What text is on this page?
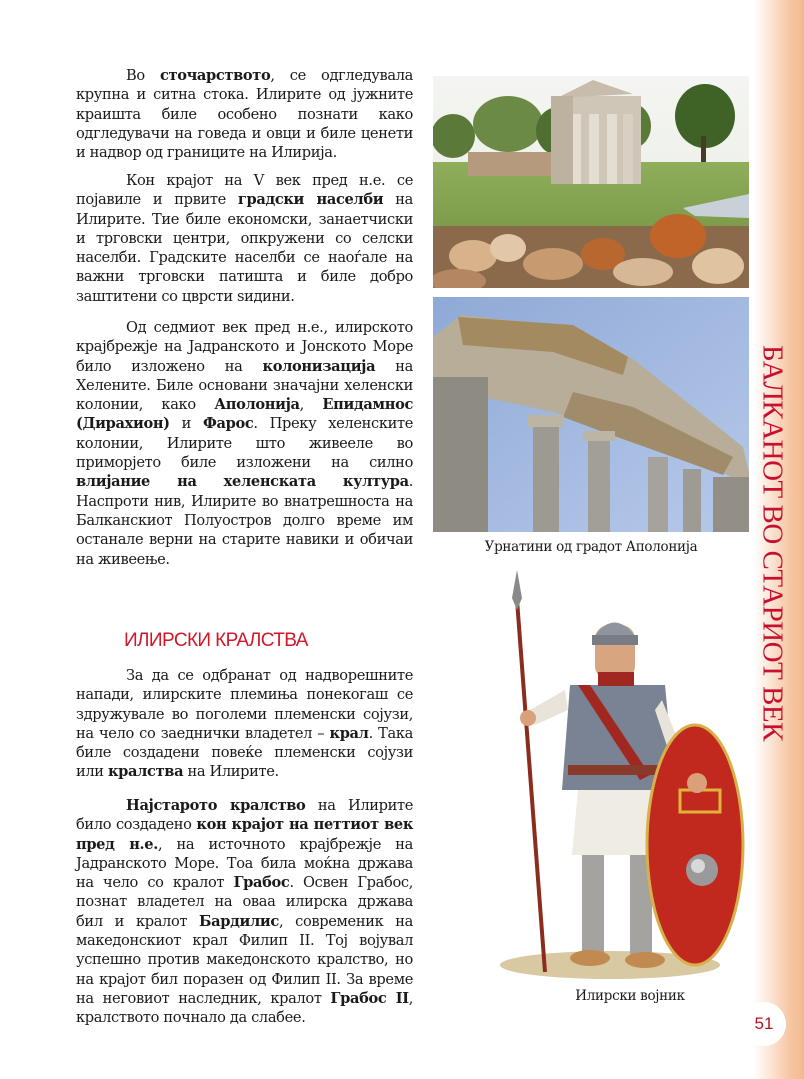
БАЛКАНОТ ВО СТАРИОТ ВЕК
51

Во сточарството, се одгледувала крупна и ситна стока. Илирите од јужните краишта биле особено познати како одгледувачи на говеда и овци и биле ценети и надвор од границите на Илирија.

Кон крајот на V век пред н.е. се појавиле и првите градски населби на Илирите. Тие биле економски, занаетчиски и трговски центри, опкружени со селски населби. Градските населби се наоѓале на важни трговски патишта и биле добро заштитени со цврсти ѕидини.

Од седмиот век пред н.е., илирското крајбрежје на Јадранското и Јонското Море било изложено на колонизација на Хелените. Биле основани значајни хеленски колонии, како Аполонија, Епидамнос (Дирахион) и Фарос. Преку хеленските колонии, Илирите што живееле во приморјето биле изложени на силно влијание на хеленската култура. Наспроти нив, Илирите во внатрешноста на Балканскиот Полуостров долго време им останале верни на старите навики и обичаи на живеење.

ИЛИРСКИ КРАЛСТВА

За да се одбранат од надворешните напади, илирските племиња понекогаш се здружувале во поголеми племенски сојузи, на чело со заеднички владетел – крал. Така биле создадени повеќе племенски сојузи или кралства на Илирите.

Најстарото кралство на Илирите било создадено кон крајот на петтиот век пред н.е., на источното крајбрежје на Јадранското Море. Тоа била моќна држава на чело со кралот Грабос. Освен Грабос, познат владетел на оваа илирска држава бил и кралот Бардилис, современик на македонскиот крал Филип II. Тој војувал успешно против македонското кралство, но на крајот бил поразен од Филип II. За време на неговиот наследник, кралот Грабос II, кралството почнало да слабее.

Урнатини од градот Аполонија

Илирски војник
